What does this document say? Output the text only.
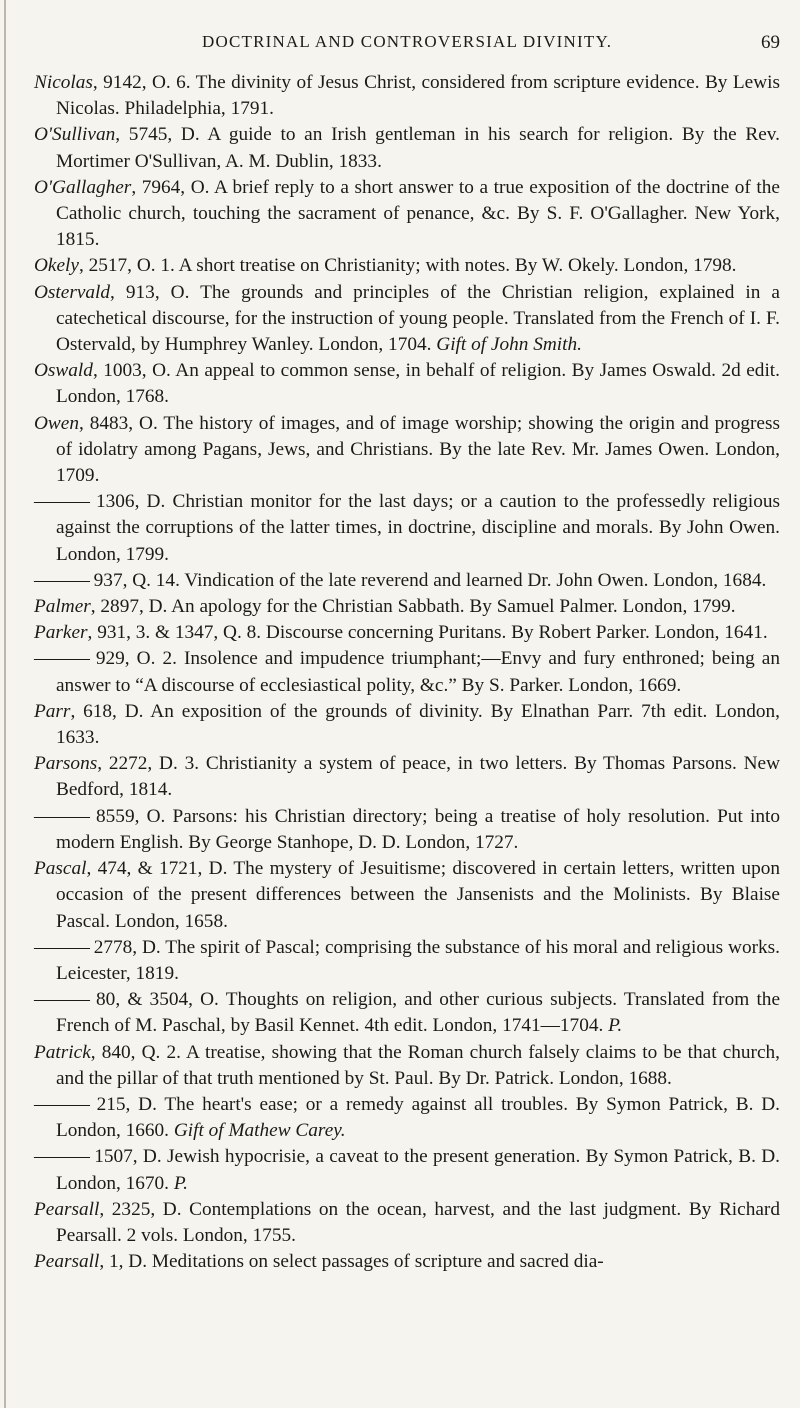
DOCTRINAL AND CONTROVERSIAL DIVINITY.	69
Nicolas, 9142, O. 6. The divinity of Jesus Christ, considered from scripture evidence. By Lewis Nicolas. Philadelphia, 1791.
O'Sullivan, 5745, D. A guide to an Irish gentleman in his search for religion. By the Rev. Mortimer O'Sullivan, A. M. Dublin, 1833.
O'Gallagher, 7964, O. A brief reply to a short answer to a true exposition of the doctrine of the Catholic church, touching the sacrament of penance, &c. By S. F. O'Gallagher. New York, 1815.
Okely, 2517, O. 1. A short treatise on Christianity; with notes. By W. Okely. London, 1798.
Ostervald, 913, O. The grounds and principles of the Christian religion, explained in a catechetical discourse, for the instruction of young people. Translated from the French of I. F. Ostervald, by Humphrey Wanley. London, 1704. Gift of John Smith.
Oswald, 1003, O. An appeal to common sense, in behalf of religion. By James Oswald. 2d edit. London, 1768.
Owen, 8483, O. The history of images, and of image worship; showing the origin and progress of idolatry among Pagans, Jews, and Christians. By the late Rev. Mr. James Owen. London, 1709.
——— 1306, D. Christian monitor for the last days; or a caution to the professedly religious against the corruptions of the latter times, in doctrine, discipline and morals. By John Owen. London, 1799.
——— 937, Q. 14. Vindication of the late reverend and learned Dr. John Owen. London, 1684.
Palmer, 2897, D. An apology for the Christian Sabbath. By Samuel Palmer. London, 1799.
Parker, 931, 3. & 1347, Q. 8. Discourse concerning Puritans. By Robert Parker. London, 1641.
——— 929, O. 2. Insolence and impudence triumphant;—Envy and fury enthroned; being an answer to “A discourse of ecclesiastical polity, &c.” By S. Parker. London, 1669.
Parr, 618, D. An exposition of the grounds of divinity. By Elnathan Parr. 7th edit. London, 1633.
Parsons, 2272, D. 3. Christianity a system of peace, in two letters. By Thomas Parsons. New Bedford, 1814.
——— 8559, O. Parsons: his Christian directory; being a treatise of holy resolution. Put into modern English. By George Stanhope, D. D. London, 1727.
Pascal, 474, & 1721, D. The mystery of Jesuitisme; discovered in certain letters, written upon occasion of the present differences between the Jansenists and the Molinists. By Blaise Pascal. London, 1658.
——— 2778, D. The spirit of Pascal; comprising the substance of his moral and religious works. Leicester, 1819.
——— 80, & 3504, O. Thoughts on religion, and other curious subjects. Translated from the French of M. Paschal, by Basil Kennet. 4th edit. London, 1741—1704. P.
Patrick, 840, Q. 2. A treatise, showing that the Roman church falsely claims to be that church, and the pillar of that truth mentioned by St. Paul. By Dr. Patrick. London, 1688.
——— 215, D. The heart's ease; or a remedy against all troubles. By Symon Patrick, B. D. London, 1660. Gift of Mathew Carey.
——— 1507, D. Jewish hypocrisie, a caveat to the present generation. By Symon Patrick, B. D. London, 1670. P.
Pearsall, 2325, D. Contemplations on the ocean, harvest, and the last judgment. By Richard Pearsall. 2 vols. London, 1755.
Pearsall, 1, D. Meditations on select passages of scripture and sacred dia-
